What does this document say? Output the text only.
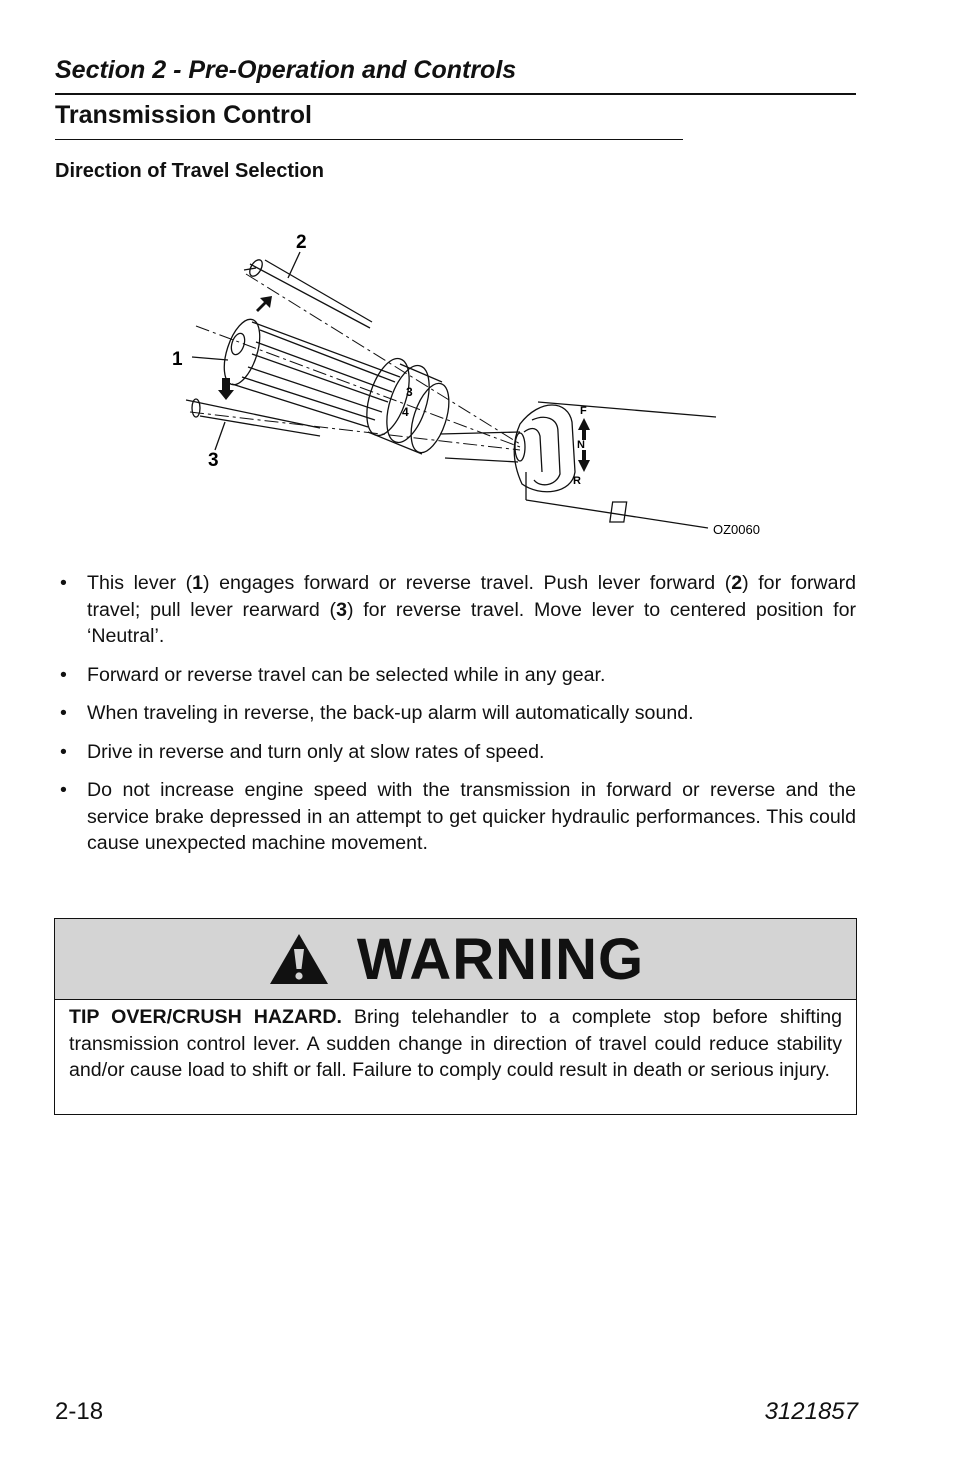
Section 2 - Pre-Operation and Controls
Transmission Control
Direction of Travel Selection
1
2
3
3
4	F
N
R
OZ0060
• This lever (1) engages forward or reverse travel. Push lever forward (2) for forward travel; pull lever rearward (3) for reverse travel. Move lever to centered position for ‘Neutral’.
• Forward or reverse travel can be selected while in any gear.
• When traveling in reverse, the back-up alarm will automatically sound.
• Drive in reverse and turn only at slow rates of speed.
• Do not increase engine speed with the transmission in forward or reverse and the service brake depressed in an attempt to get quicker hydraulic performances. This could cause unexpected machine movement.
WARNING
TIP OVER/CRUSH HAZARD. Bring telehandler to a complete stop before shifting transmission control lever. A sudden change in direction of travel could reduce stability and/or cause load to shift or fall. Failure to comply could result in death or serious injury.
2-18	3121857
